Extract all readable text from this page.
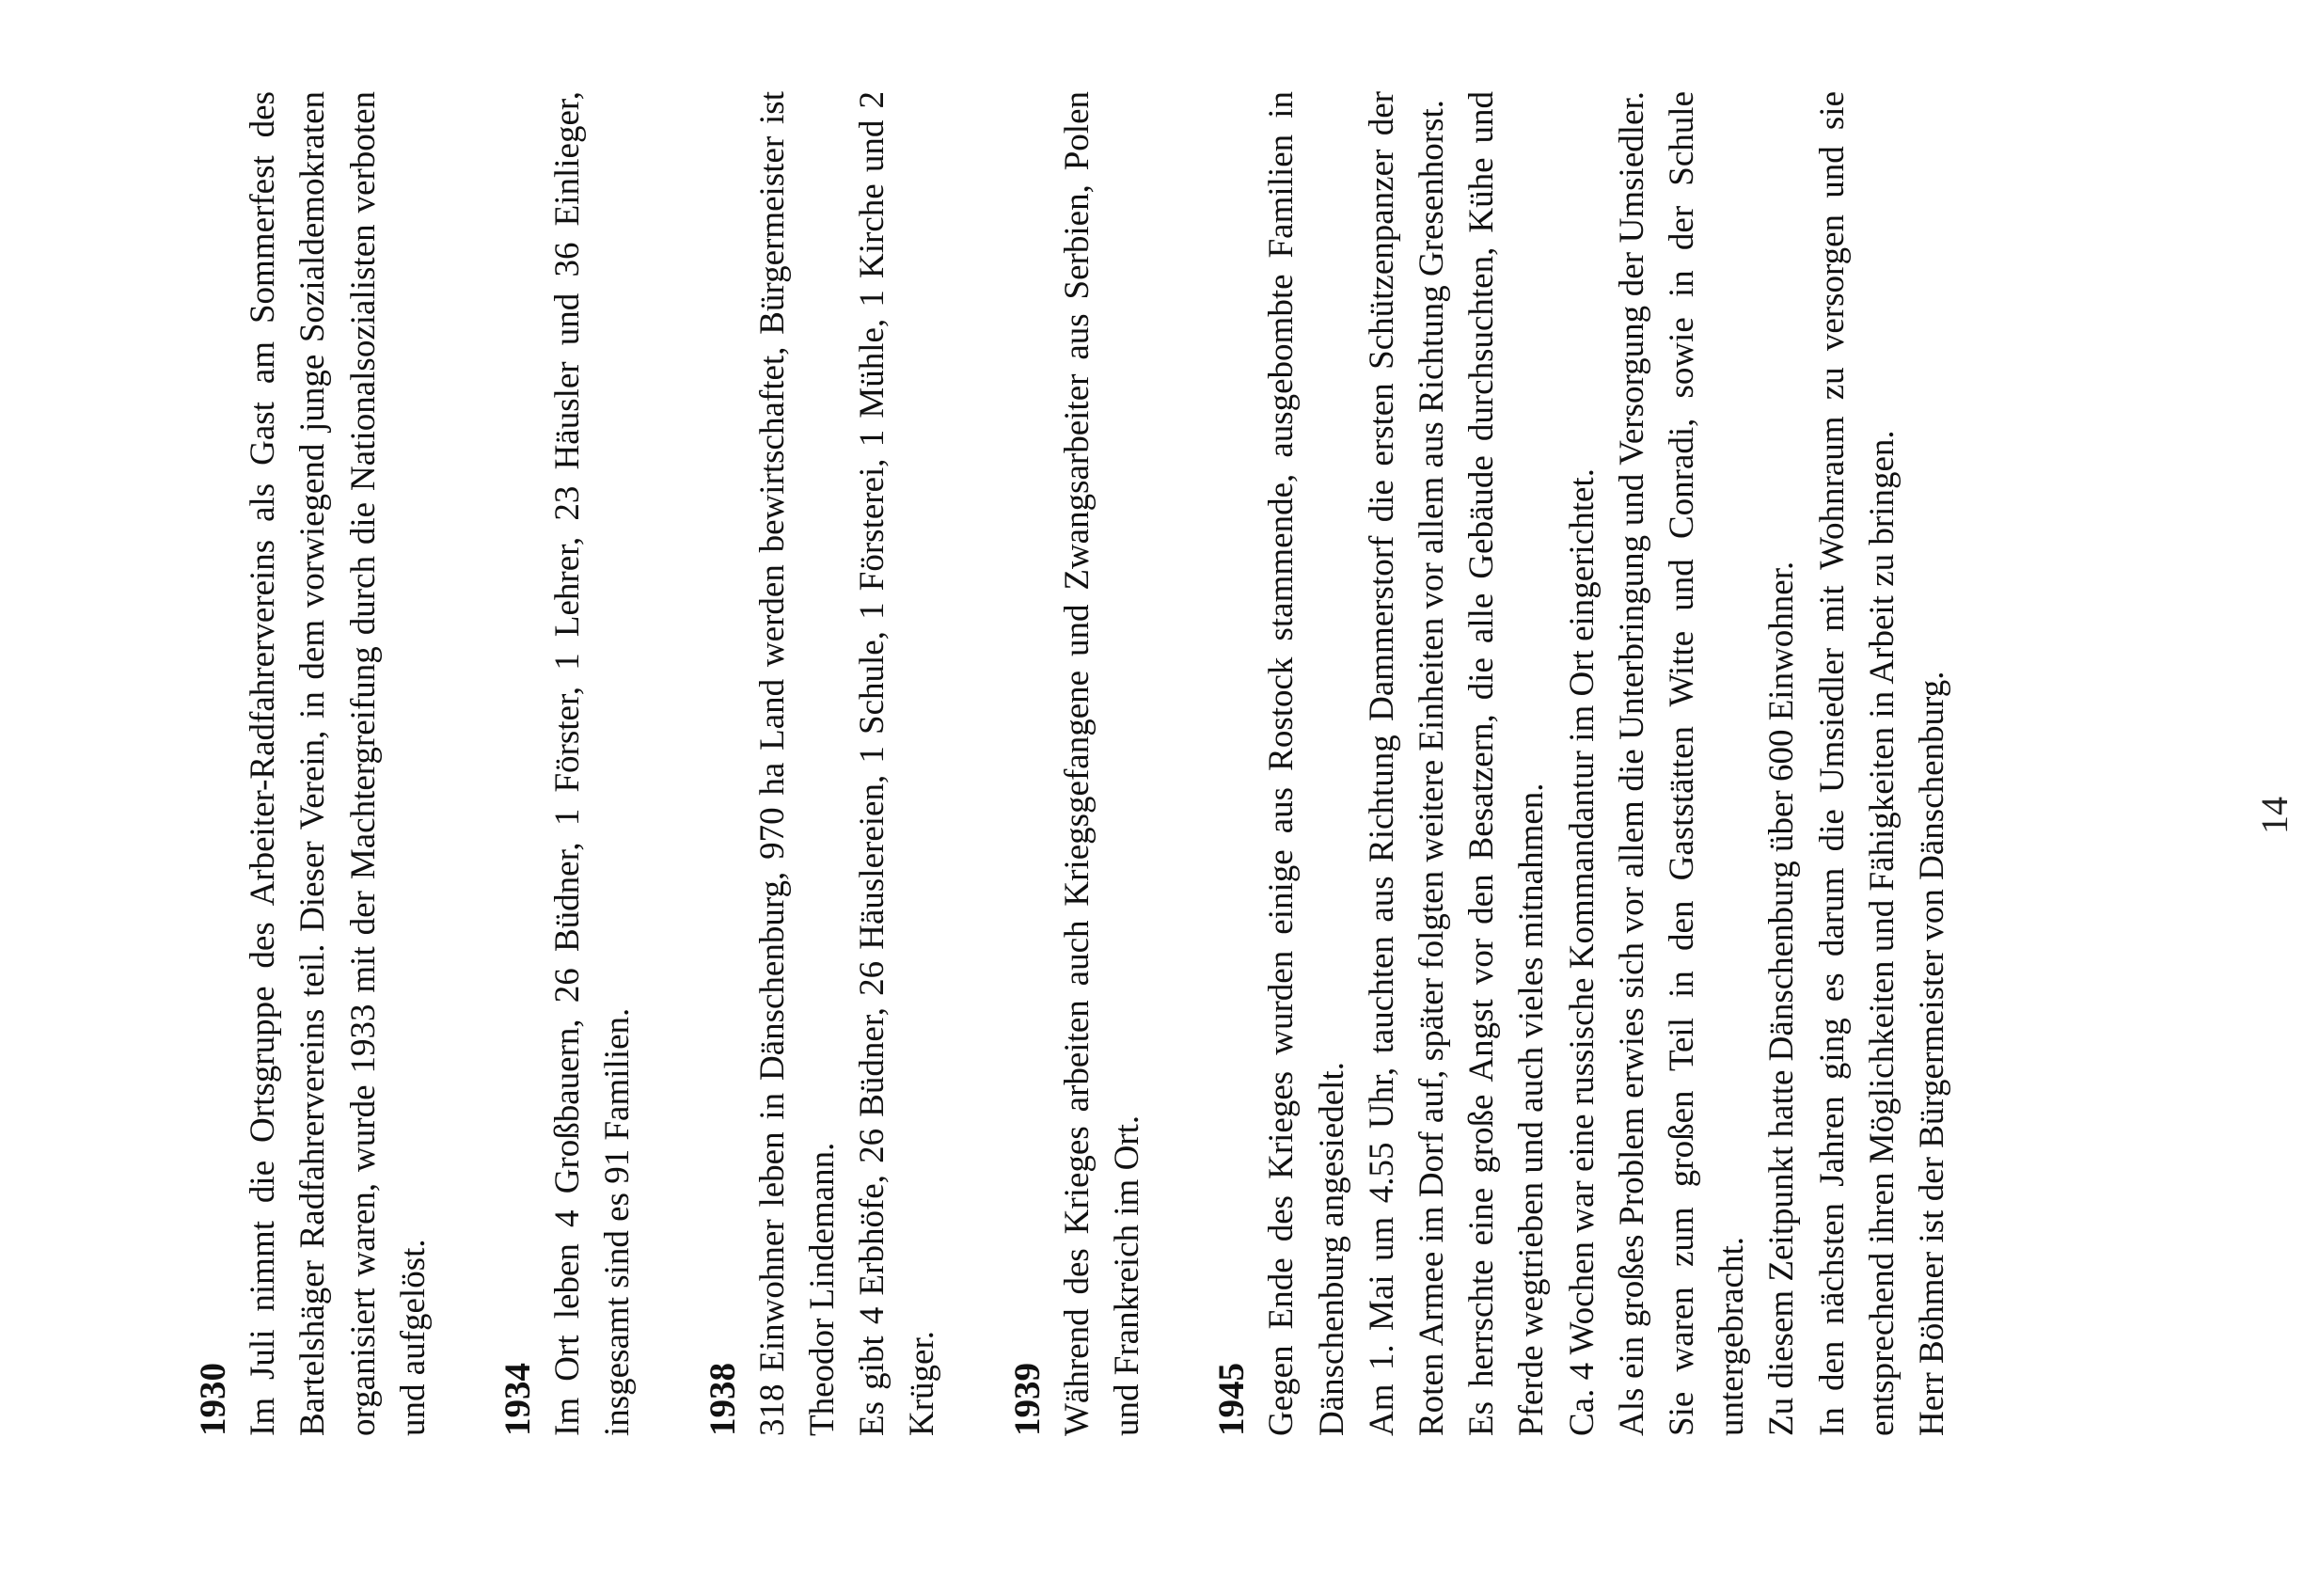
1930 Im Juli nimmt die Ortsgruppe des Arbeiter-Radfahrervereins als Gast am Sommerfest des Bartelshäger Radfahrervereins teil. Dieser Verein, in dem vorwiegend junge Sozialdemokraten organisiert waren, wurde 1933 mit der Machtergreifung durch die Nationalsozialisten verboten und aufgelöst. 1934 Im Ort leben 4 Großbauern, 26 Büdner, 1 Förster, 1 Lehrer, 23 Häusler und 36 Einlieger, insgesamt sind es 91 Familien. 1938 318 Einwohner leben in Dänschenburg, 970 ha Land werden bewirtschaftet, Bürgermeister ist Theodor Lindemann. Es gibt 4 Erbhöfe, 26 Büdner, 26 Häuslereien, 1 Schule, 1 Försterei, 1 Mühle, 1 Kirche und 2 Krüger. 1939 Während des Krieges arbeiten auch Kriegsgefangene und Zwangsarbeiter aus Serbien, Polen und Frankreich im Ort. 1945 Gegen Ende des Krieges wurden einige aus Rostock stammende, ausgebombte Familien in Dänschenburg angesiedelt. Am 1. Mai um 4.55 Uhr, tauchten aus Richtung Dammerstorf die ersten Schützenpanzer der Roten Armee im Dorf auf, später folgten weitere Einheiten vor allem aus Richtung Gresenhorst. Es herrschte eine große Angst vor den Besatzern, die alle Gebäude durchsuchten, Kühe und Pferde wegtrieben und auch vieles mitnahmen. Ca. 4 Wochen war eine russische Kommandantur im Ort eingerichtet. Als ein großes Problem erwies sich vor allem die Unterbringung und Versorgung der Umsiedler. Sie waren zum großen Teil in den Gaststätten Witte und Conradi, sowie in der Schule untergebracht. Zu diesem Zeitpunkt hatte Dänschenburg über 600 Einwohner. In den nächsten Jahren ging es darum die Umsiedler mit Wohnraum zu versorgen und sie entsprechend ihren Möglichkeiten und Fähigkeiten in Arbeit zu bringen. Herr Böhmer ist der Bürgermeister von Dänschenburg.	14
